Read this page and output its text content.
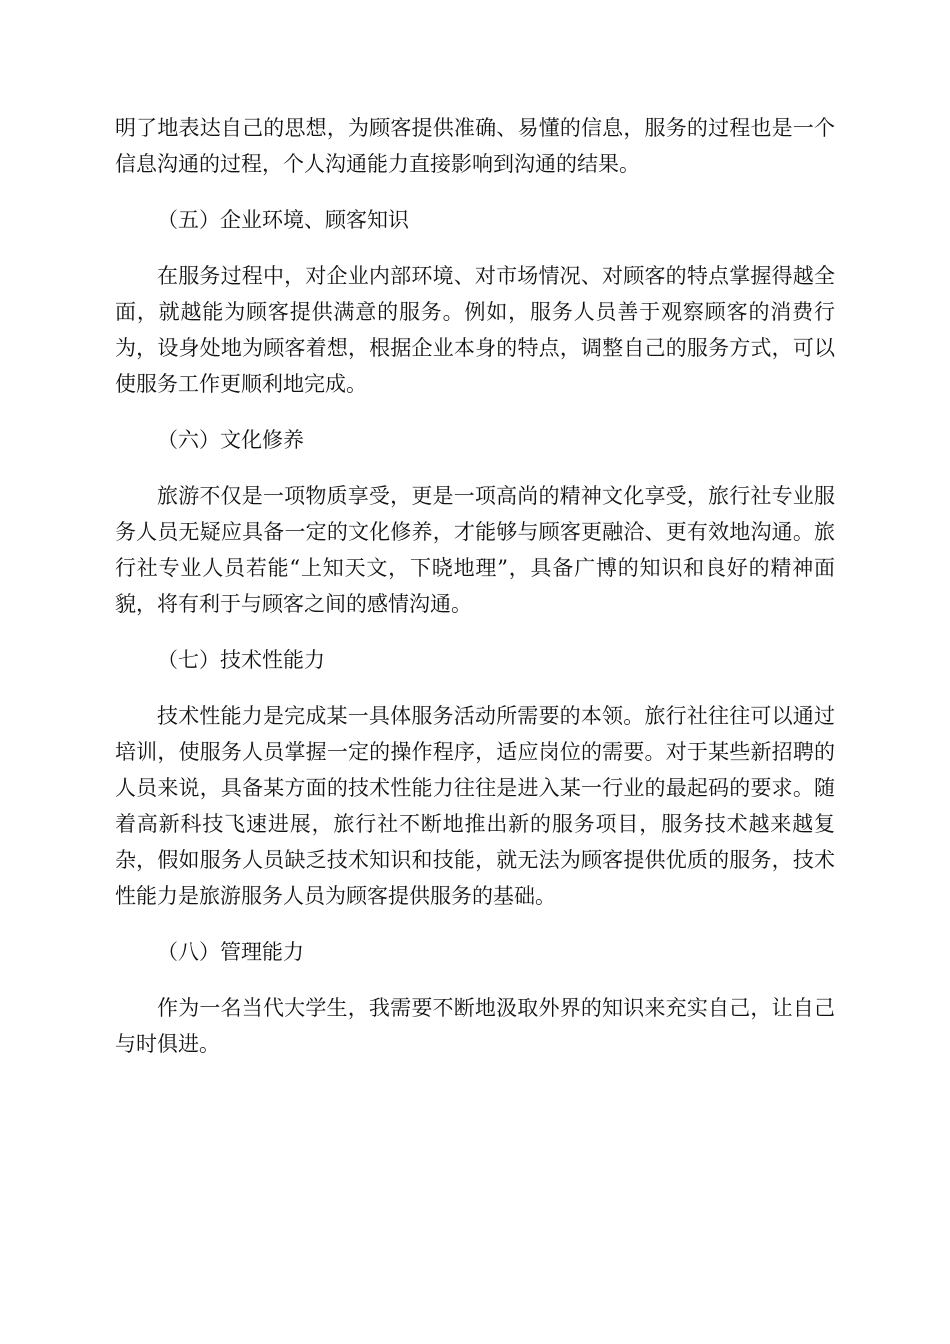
明了地表达自己的思想，为顾客提供准确、易懂的信息，服务的过程也是一个信息沟通的过程，个人沟通能力直接影响到沟通的结果。

（五）企业环境、顾客知识

在服务过程中，对企业内部环境、对市场情况、对顾客的特点掌握得越全面，就越能为顾客提供满意的服务。例如，服务人员善于观察顾客的消费行为，设身处地为顾客着想，根据企业本身的特点，调整自己的服务方式，可以使服务工作更顺利地完成。

（六）文化修养

旅游不仅是一项物质享受，更是一项高尚的精神文化享受，旅行社专业服务人员无疑应具备一定的文化修养，才能够与顾客更融洽、更有效地沟通。旅行社专业人员若能“上知天文，下晓地理”，具备广博的知识和良好的精神面貌，将有利于与顾客之间的感情沟通。

（七）技术性能力

技术性能力是完成某一具体服务活动所需要的本领。旅行社往往可以通过培训，使服务人员掌握一定的操作程序，适应岗位的需要。对于某些新招聘的人员来说，具备某方面的技术性能力往往是进入某一行业的最起码的要求。随着高新科技飞速进展，旅行社不断地推出新的服务项目，服务技术越来越复杂，假如服务人员缺乏技术知识和技能，就无法为顾客提供优质的服务，技术性能力是旅游服务人员为顾客提供服务的基础。

（八）管理能力

作为一名当代大学生，我需要不断地汲取外界的知识来充实自己，让自己与时俱进。
